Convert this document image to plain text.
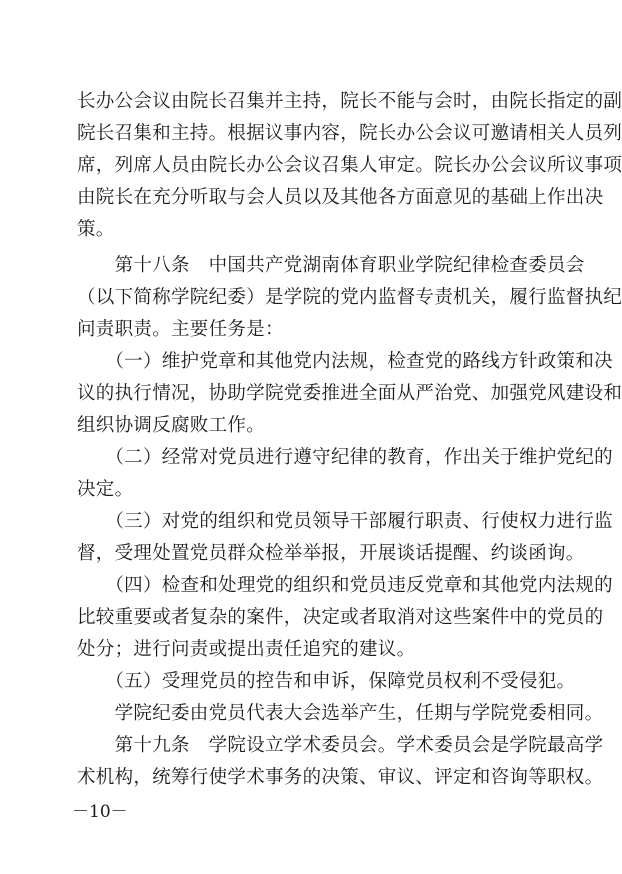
长办公会议由院长召集并主持，院长不能与会时，由院长指定的副
院长召集和主持。根据议事内容，院长办公会议可邀请相关人员列
席，列席人员由院长办公会议召集人审定。院长办公会议所议事项
由院长在充分听取与会人员以及其他各方面意见的基础上作出决
策。
　　第十八条　中国共产党湖南体育职业学院纪律检查委员会
（以下简称学院纪委）是学院的党内监督专责机关，履行监督执纪
问责职责。主要任务是：
　　（一）维护党章和其他党内法规，检查党的路线方针政策和决
议的执行情况，协助学院党委推进全面从严治党、加强党风建设和
组织协调反腐败工作。
　　（二）经常对党员进行遵守纪律的教育，作出关于维护党纪的
决定。
　　（三）对党的组织和党员领导干部履行职责、行使权力进行监
督，受理处置党员群众检举举报，开展谈话提醒、约谈函询。
　　（四）检查和处理党的组织和党员违反党章和其他党内法规的
比较重要或者复杂的案件，决定或者取消对这些案件中的党员的
处分；进行问责或提出责任追究的建议。
　　（五）受理党员的控告和申诉，保障党员权利不受侵犯。
　　学院纪委由党员代表大会选举产生，任期与学院党委相同。
　　第十九条　学院设立学术委员会。学术委员会是学院最高学
术机构，统筹行使学术事务的决策、审议、评定和咨询等职权。
－10－
